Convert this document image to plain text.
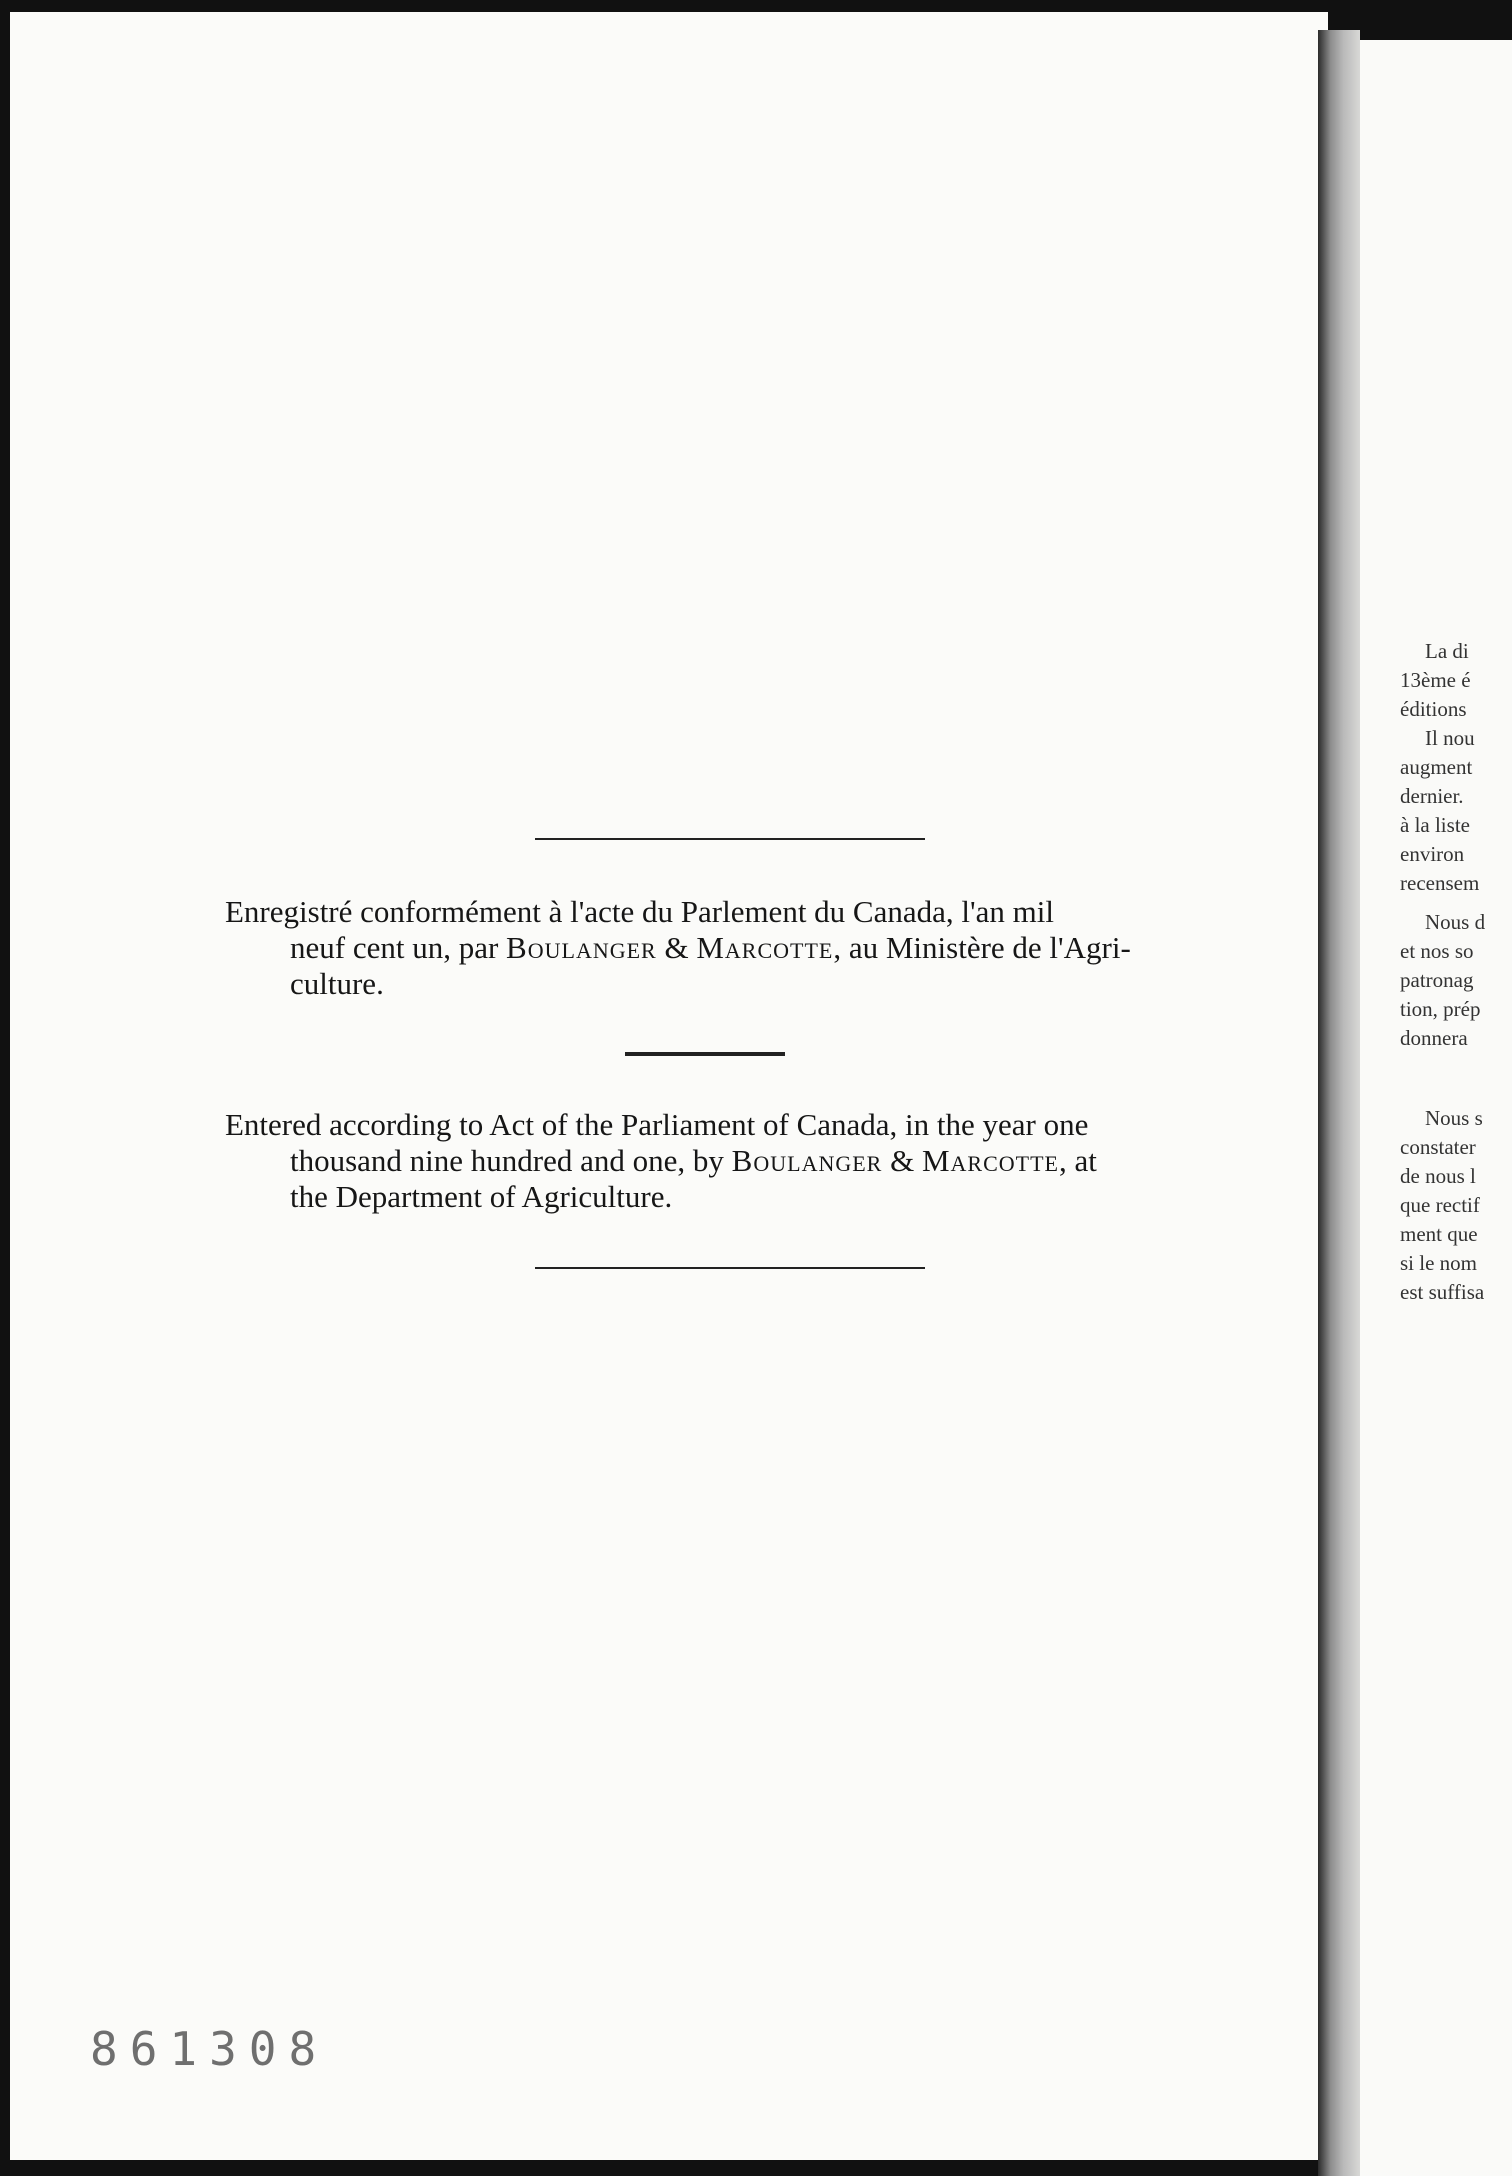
Enregistré conformément à l'acte du Parlement du Canada, l'an mil
neuf cent un, par Boulanger & Marcotte, au Ministère de l'Agri-
culture.
Entered according to Act of the Parliament of Canada, in the year one
thousand nine hundred and one, by Boulanger & Marcotte, at
the Department of Agriculture.
861308
La di
13ème é
éditions
Il nou
augment
dernier.
à la liste
environ
recensem
Nous d
et nos so
patronag
tion, prép
donnera
Nous s
constater
de nous l
que rectif
ment que
si le nom
est suffisa
